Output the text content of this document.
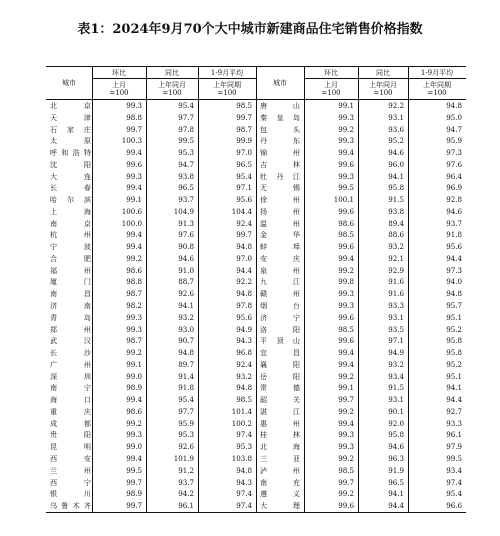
表1：2024年9月70个大中城市新建商品住宅销售价格指数
城市
环比	同比	1-9月平均
上月
=100
上年同月
=100
上年同期
=100
城市
环比	同比	1-9月平均
上月
=100
上年同月
=100
上年同期
=100
北京	99.3	95.4	98.5 唐山	99.1	92.2	94.8
天津	98.8	97.7	99.7 秦皇岛	99.3	93.1	95.0
石家庄	99.7	97.8	98.7 包头	99.2	93.6	94.7
太原	100.3	99.5	99.9 丹东	99.3	95.2	95.9
呼和浩特	99.4	95.3	97.0 锦州	99.4	94.6	97.3
沈阳	99.6	94.7	96.5 吉林	99.6	96.0	97.6
大连	99.3	93.8	95.4 牡丹江	99.3	94.1	96.4
长春	99.4	96.5	97.1 无锡	99.5	95.8	96.9
哈尔滨	99.1	93.7	95.6 徐州	100.1	91.5	92.8
上海	100.6	104.9	104.4 扬州	99.6	93.8	94.6
南京	100.0	91.3	92.4 温州	98.6	89.4	93.7
杭州	99.4	97.6	99.7 金华	98.5	88.6	91.8
宁波	99.4	90.8	94.8 蚌埠	99.6	93.2	95.6
合肥	99.2	94.6	97.0 安庆	99.4	92.1	94.4
福州	98.6	91.0	94.4 泉州	99.2	92.9	97.3
厦门	98.8	88.7	92.2 九江	99.8	91.6	94.0
南昌	98.7	92.6	94.8 赣州	99.3	91.6	94.8
济南	98.2	94.1	97.8 烟台	99.3	93.3	95.7
青岛	99.3	93.2	95.6 济宁	99.6	93.1	95.1
郑州	99.3	93.0	94.9 洛阳	98.5	93.5	95.2
武汉	98.7	90.7	94.3 平顶山	99.6	97.1	95.8
长沙	99.2	94.8	96.8 宜昌	99.4	94.9	95.8
广州	99.1	89.7	92.4 襄阳	99.4	93.2	95.2
深圳	99.0	91.4	93.2 岳阳	99.2	93.4	95.1
南宁	98.9	91.8	94.8 常德	99.1	91.5	94.1
海口	99.4	95.4	98.5 韶关	99.7	93.1	94.4
重庆	98.6	97.7	101.4 湛江	99.2	90.1	92.7
成都	99.2	95.9	100.2 惠州	99.4	92.0	93.3
贵阳	99.3	95.3	97.4 桂林	99.3	95.8	96.1
昆明	99.0	92.6	95.3 北海	99.3	94.6	97.9
西安	99.4	101.9	103.8 三亚	99.2	96.3	99.5
兰州	99.5	91.2	94.8 泸州	98.5	91.9	93.4
西宁	99.7	93.7	94.3 南充	99.7	96.5	97.4
银川	98.9	94.2	97.4 遵义	99.2	94.1	95.4
乌鲁木齐	99.7	96.1	97.4 大理	99.6	94.4	96.6
